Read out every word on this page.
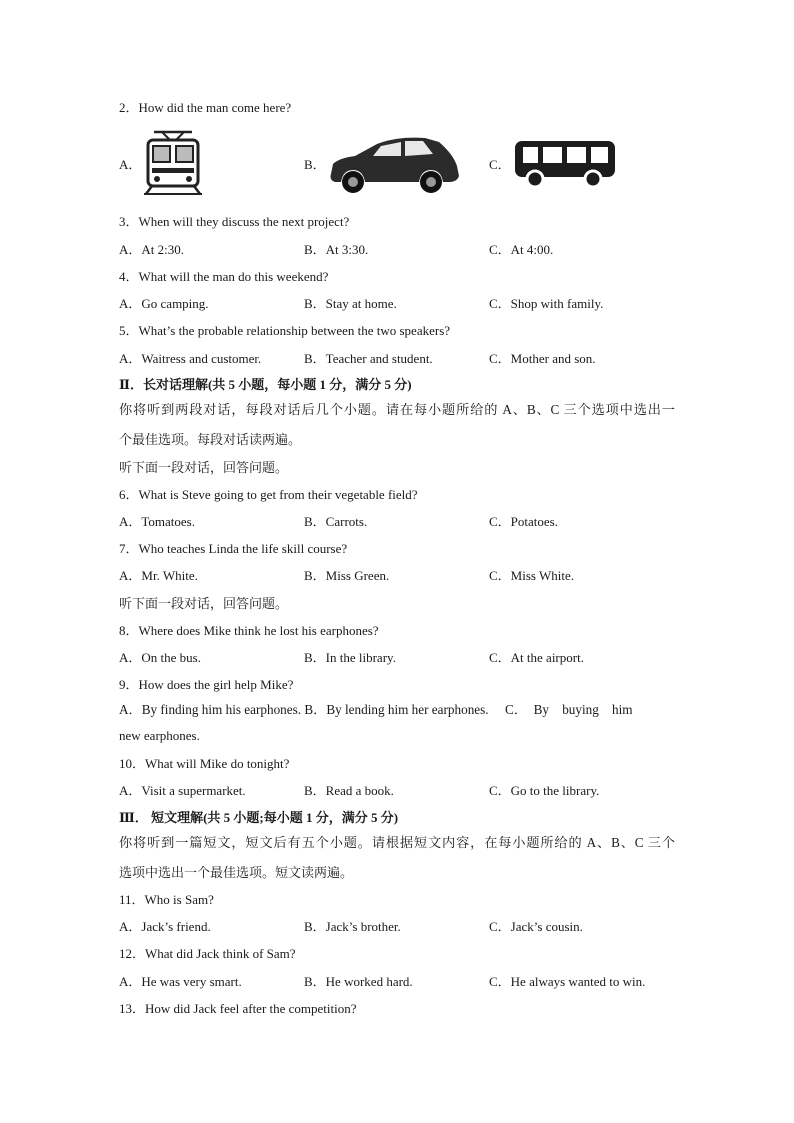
2．How did the man come here?
A．	B．	C．
3．When will they discuss the next project?
A．At 2:30.	B．At 3:30.	C．At 4:00.
4．What will the man do this weekend?
A．Go camping.	B．Stay at home.	C．Shop with family.
5．What’s the probable relationship between the two speakers?
A．Waitress and customer.	B．Teacher and student.	C．Mother and son.
Ⅱ．长对话理解(共 5 小题，每小题 1 分，满分 5 分)
你将听到两段对话，每段对话后几个小题。请在每小题所给的 A、B、C 三个选项中选出一
个最佳选项。每段对话读两遍。
听下面一段对话，回答问题。
6．What is Steve going to get from their vegetable field?
A．Tomatoes.	B．Carrots.	C．Potatoes.
7．Who teaches Linda the life skill course?
A．Mr. White.	B．Miss Green.	C．Miss White.
听下面一段对话，回答问题。
8．Where does Mike think he lost his earphones?
A．On the bus.	B．In the library.	C．At the airport.
9．How does the girl help Mike?
A．By finding him his earphones. B．By lending him her earphones.     C．  By    buying    him
new earphones.
10．What will Mike do tonight?
A．Visit a supermarket.	B．Read a book.	C．Go to the library.
Ⅲ． 短文理解(共 5 小题;每小题 1 分，满分 5 分)
你将听到一篇短文，短文后有五个小题。请根据短文内容，在每小题所给的 A、B、C 三个
选项中选出一个最佳选项。短文读两遍。
11．Who is Sam?
A．Jack’s friend.	B．Jack’s brother.	C．Jack’s cousin.
12．What did Jack think of Sam?
A．He was very smart.	B．He worked hard.	C．He always wanted to win.
13．How did Jack feel after the competition?
